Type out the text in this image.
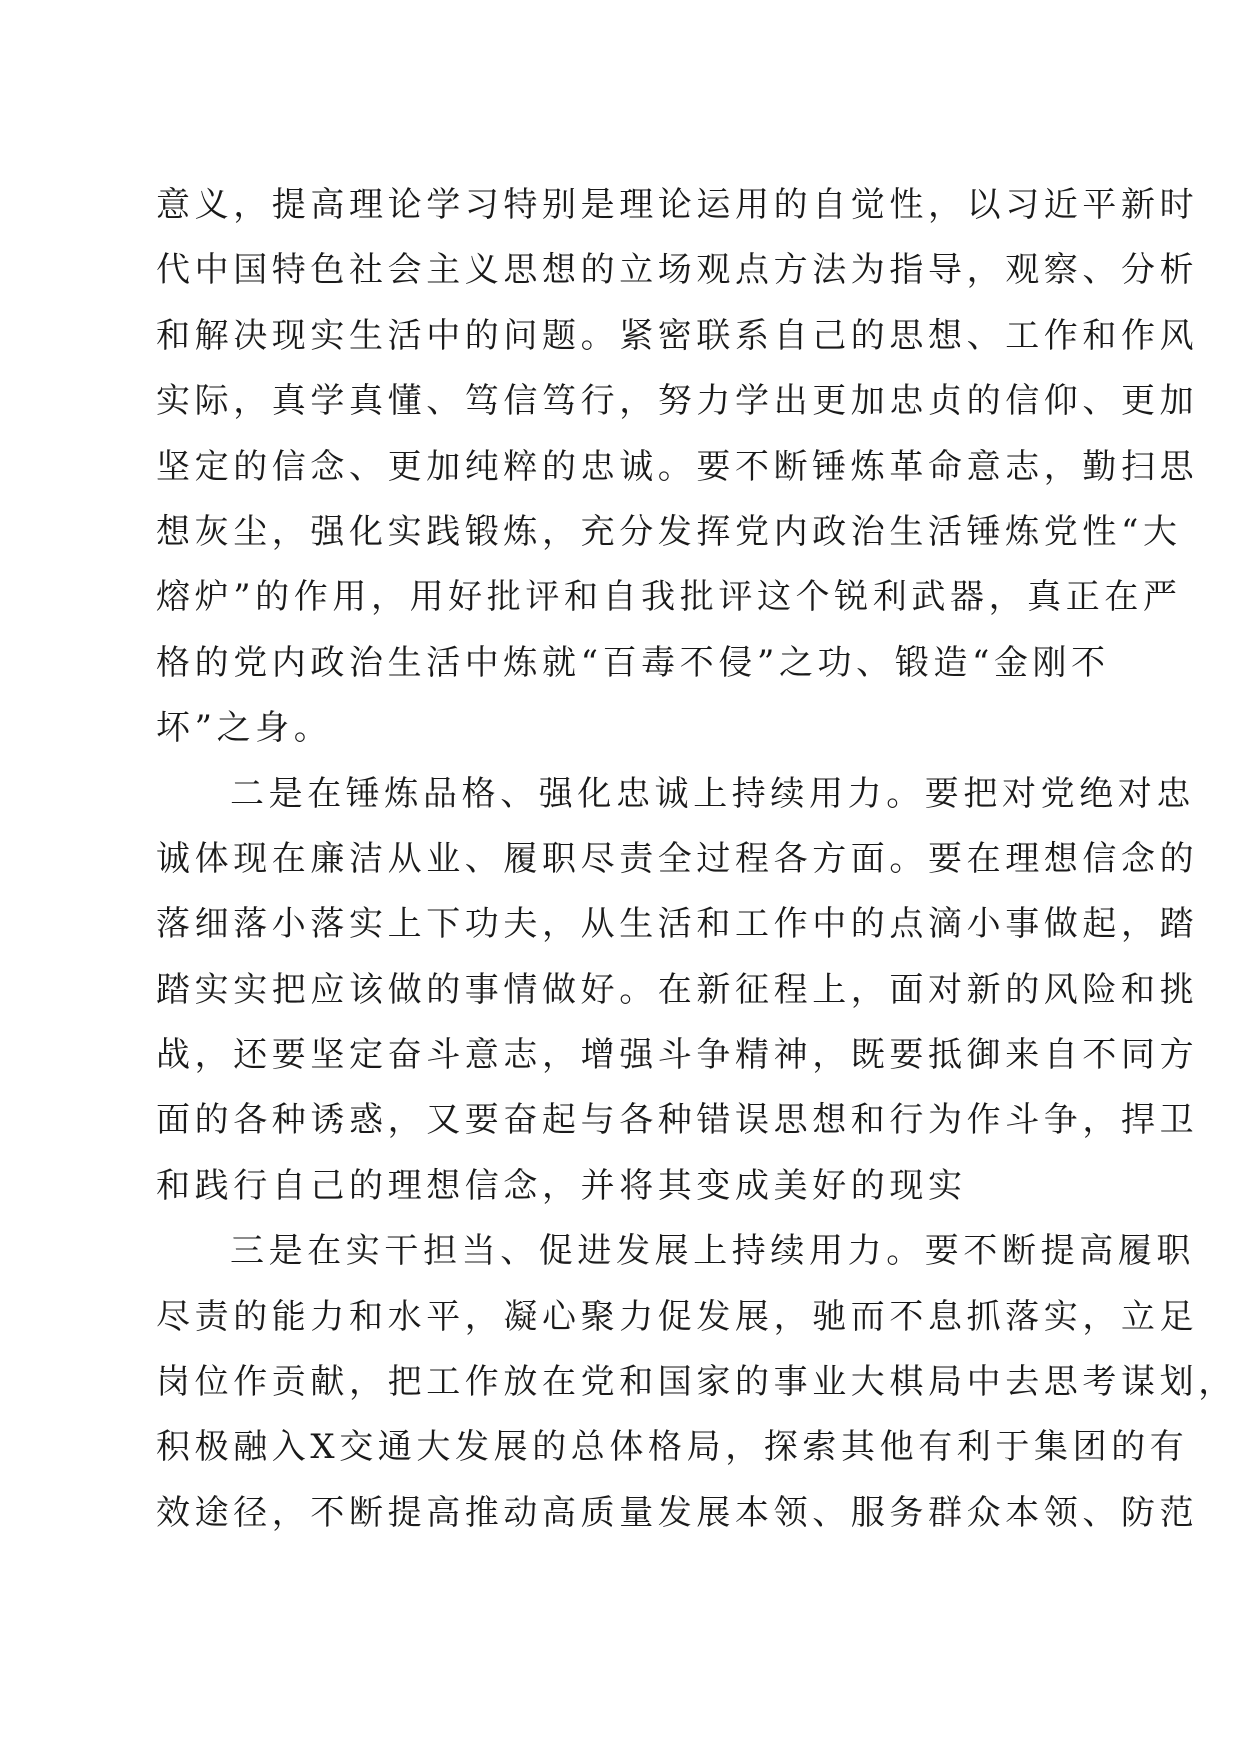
意义，提高理论学习特别是理论运用的自觉性，以习近平新时
代中国特色社会主义思想的立场观点方法为指导，观察、分析
和解决现实生活中的问题。紧密联系自己的思想、工作和作风
实际，真学真懂、笃信笃行，努力学出更加忠贞的信仰、更加
坚定的信念、更加纯粹的忠诚。要不断锤炼革命意志，勤扫思
想灰尘，强化实践锻炼，充分发挥党内政治生活锤炼党性“大
熔炉”的作用，用好批评和自我批评这个锐利武器，真正在严
格的党内政治生活中炼就“百毒不侵”之功、锻造“金刚不
坏”之身。
二是在锤炼品格、强化忠诚上持续用力。要把对党绝对忠
诚体现在廉洁从业、履职尽责全过程各方面。要在理想信念的
落细落小落实上下功夫，从生活和工作中的点滴小事做起，踏
踏实实把应该做的事情做好。在新征程上，面对新的风险和挑
战，还要坚定奋斗意志，增强斗争精神，既要抵御来自不同方
面的各种诱惑，又要奋起与各种错误思想和行为作斗争，捍卫
和践行自己的理想信念，并将其变成美好的现实
三是在实干担当、促进发展上持续用力。要不断提高履职
尽责的能力和水平，凝心聚力促发展，驰而不息抓落实，立足
岗位作贡献，把工作放在党和国家的事业大棋局中去思考谋划，
积极融入X交通大发展的总体格局，探索其他有利于集团的有
效途径，不断提高推动高质量发展本领、服务群众本领、防范
